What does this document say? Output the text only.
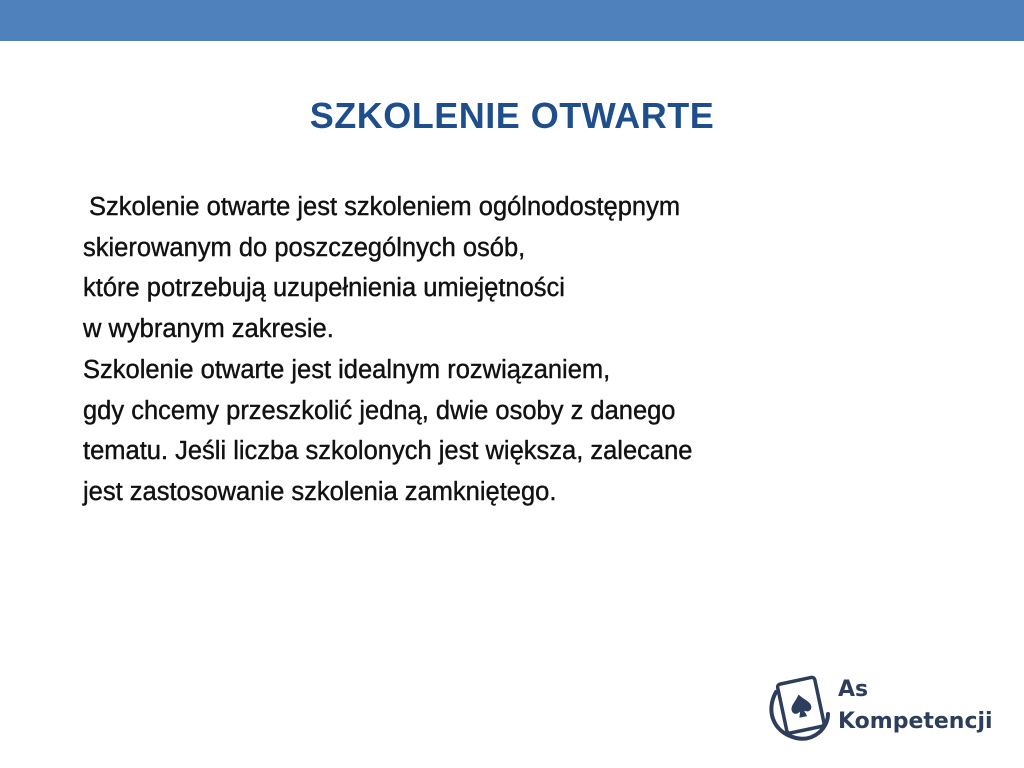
SZKOLENIE OTWARTE
Szkolenie otwarte jest szkoleniem ogólnodostępnym
skierowanym do poszczególnych osób,
które potrzebują uzupełnienia umiejętności
w wybranym zakresie.
Szkolenie otwarte jest idealnym rozwiązaniem,
gdy chcemy przeszkolić jedną, dwie osoby z danego
tematu. Jeśli liczba szkolonych jest większa, zalecane
jest zastosowanie szkolenia zamkniętego.
As
Kompetencji
